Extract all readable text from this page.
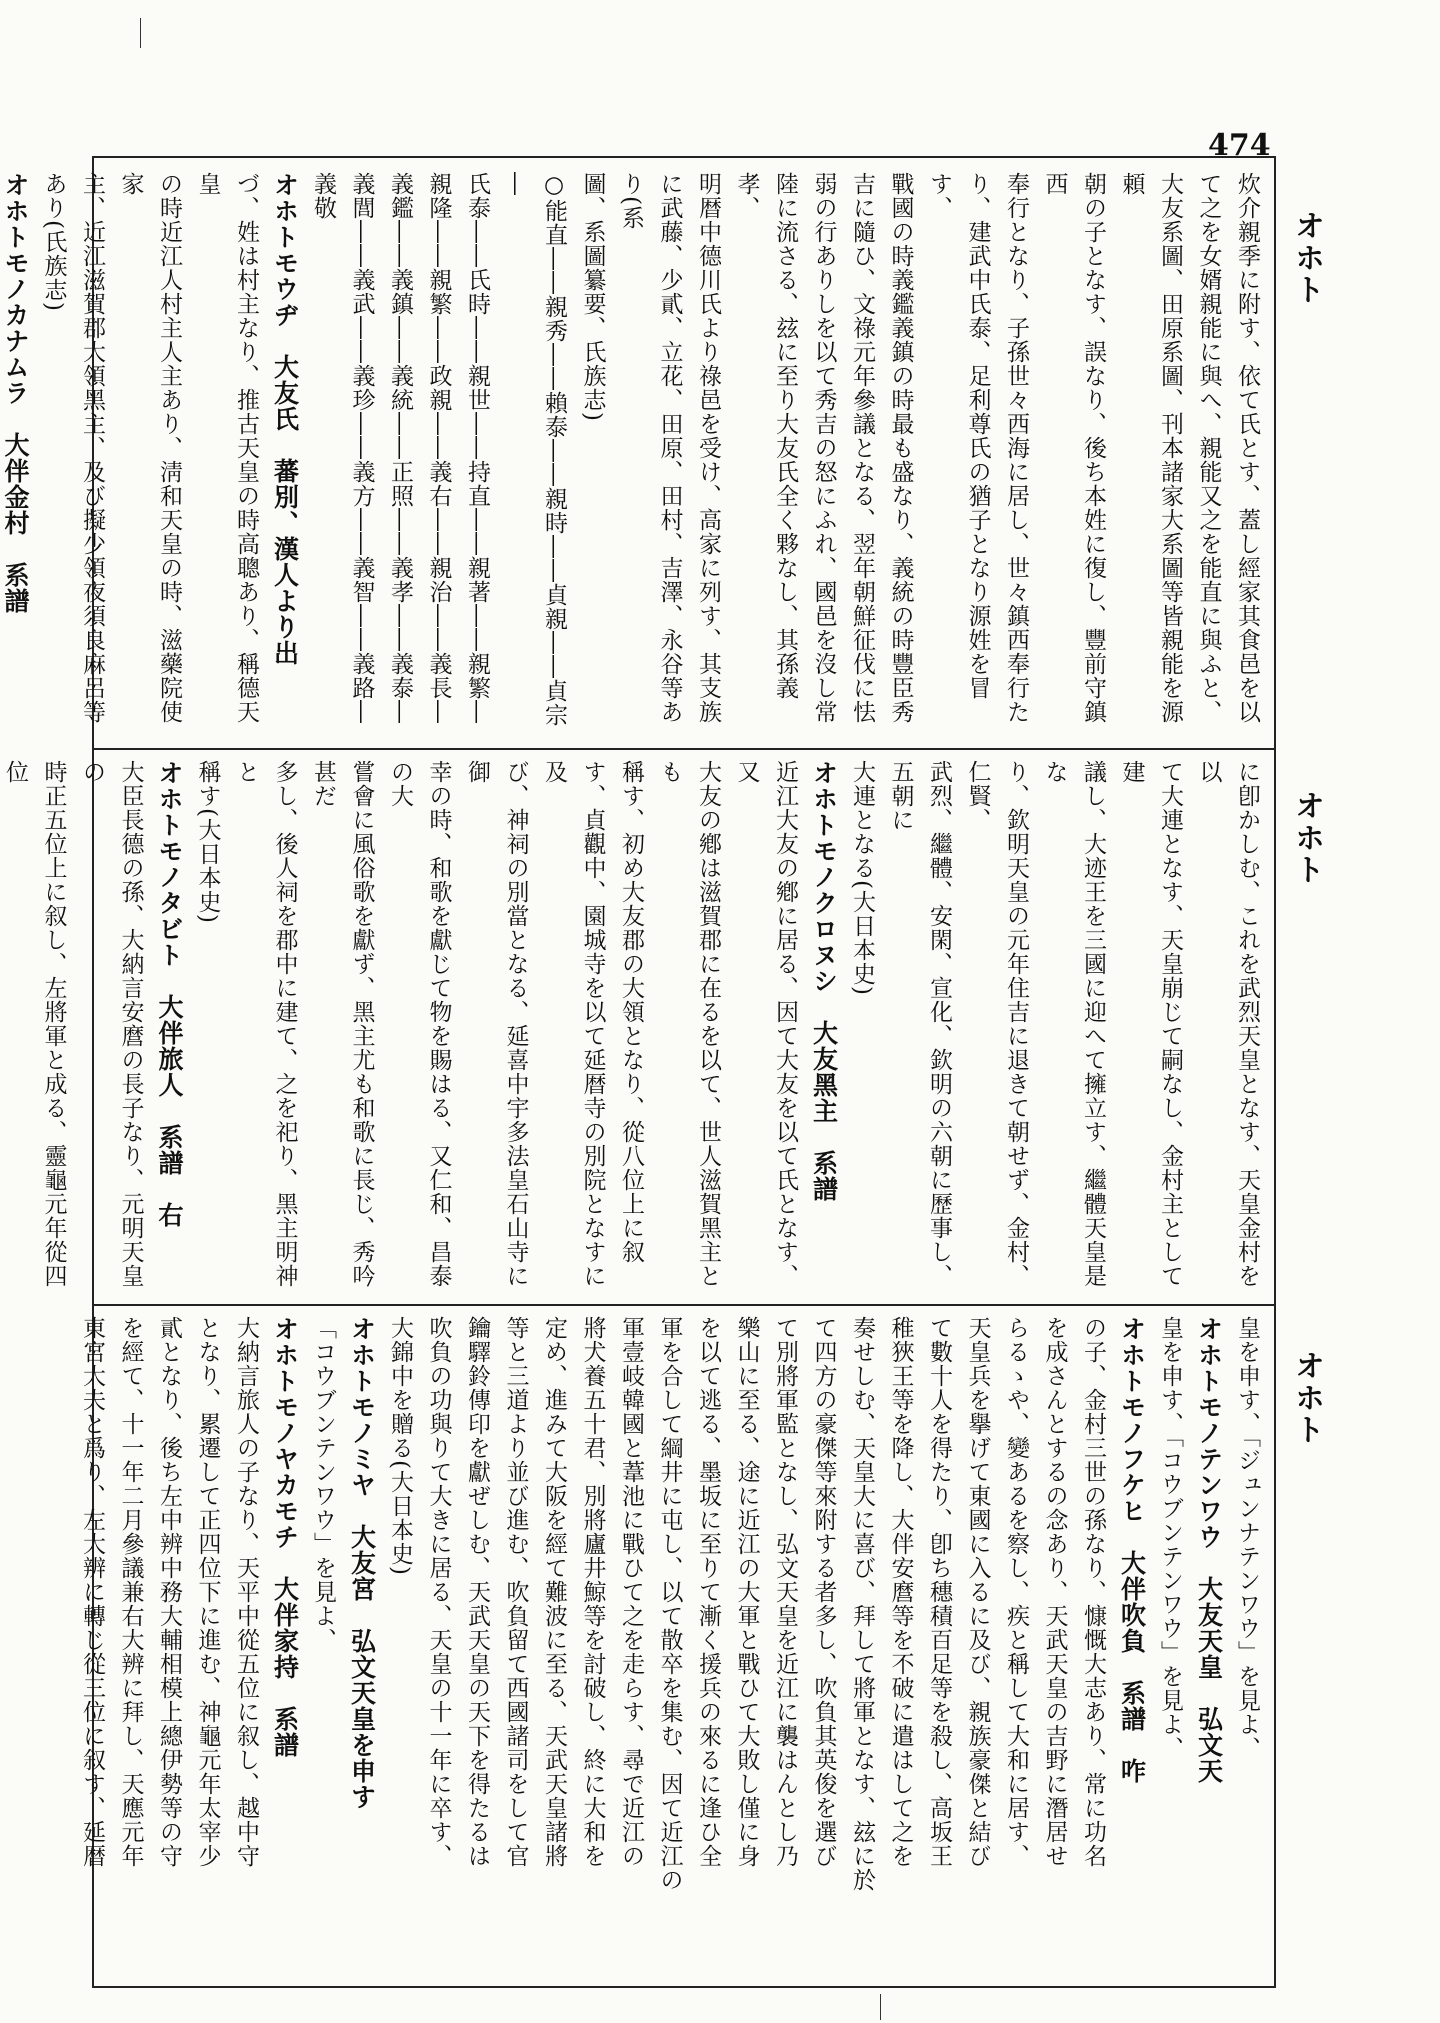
474
オホト
オホト
オホト

炊介親季に附す、依て氏とす、蓋し經家其食邑を以

て之を女婿親能に與へ、親能又之を能直に與ふと、

大友系圖、田原系圖、刊本諸家大系圖等皆親能を源頼

朝の子となす、誤なり、後ち本姓に復し、豐前守鎮西

奉行となり、子孫世々西海に居し、世々鎮西奉行た

り、建武中氏泰、足利尊氏の猶子となり源姓を冒す、

戰國の時義鑑義鎮の時最も盛なり、義統の時豐臣秀

吉に隨ひ、文祿元年參議となる、翌年朝鮮征伐に怯

弱の行ありしを以て秀吉の怒にふれ、國邑を沒し常

陸に流さる、玆に至り大友氏全く夥なし、其孫義孝、

明暦中德川氏より祿邑を受け、高家に列す、其支族

に武藤、少貳、立花、田原、田村、吉澤、永谷等あり(系

圖、系圖纂要、氏族志)

○能直――親秀――賴泰――親時――貞親――貞宗―

氏泰――氏時――親世――持直――親著――親繁―

親隆――親繁――政親――義右――親治――義長―

義鑑――義鎮――義統――正照――義孝――義泰―

義閭――義武――義珍――義方――義智――義路―

義敬

オホトモウヂ　大友氏　蕃別、漢人より出

づ、姓は村主なり、推古天皇の時高聰あり、稱德天皇

の時近江人村主人主あり、淸和天皇の時、滋藥院使家

主、近江滋賀郡大領黑主、及び擬少領夜須良麻呂等

あり(氏族志)

オホトモノカナムラ　大伴金村　系譜

に卽かしむ、これを武烈天皇となす、天皇金村を以

て大連となす、天皇崩じて嗣なし、金村主として建

議し、大迹王を三國に迎へて擁立す、繼體天皇是な

り、欽明天皇の元年住吉に退きて朝せず、金村、仁賢、

武烈、繼體、安閑、宣化、欽明の六朝に歷事し、五朝に

大連となる(大日本史)

オホトモノクロヌシ　大友黑主　系譜

近江大友の鄕に居る、因て大友を以て氏となす、又

大友の鄕は滋賀郡に在るを以て、世人滋賀黑主とも

稱す、初め大友郡の大領となり、從八位上に叙

す、貞觀中、園城寺を以て延暦寺の別院となすに及

び、神祠の別當となる、延喜中宇多法皇石山寺に御

幸の時、和歌を獻じて物を賜はる、又仁和、昌泰の大

嘗會に風俗歌を獻ず、黑主尤も和歌に長じ、秀吟甚だ

多し、後人祠を郡中に建て、之を祀り、黑主明神と

稱す(大日本史)

オホトモノタビト　大伴旅人　系譜　右

大臣長德の孫、大納言安麿の長子なり、元明天皇の

時正五位上に叙し、左將軍と成る、靈龜元年從四位

皇を申す、「ジュンナテンワウ」を見よ、

オホトモノテンワウ　大友天皇　弘文天

皇を申す、「コウブンテンワウ」を見よ、

オホトモノフケヒ　大伴吹負　系譜　咋

の子、金村三世の孫なり、慷慨大志あり、常に功名

を成さんとするの念あり、天武天皇の吉野に潛居せ

らるゝや、變あるを察し、疾と稱して大和に居す、

天皇兵を擧げて東國に入るに及び、親族豪傑と結び

て數十人を得たり、卽ち穗積百足等を殺し、高坂王

稚狹王等を降し、大伴安麿等を不破に遣はして之を

奏せしむ、天皇大に喜び、拜して將軍となす、玆に於

て四方の豪傑等來附する者多し、吹負其英俊を選び

て別將軍監となし、弘文天皇を近江に襲はんとし乃

樂山に至る、途に近江の大軍と戰ひて大敗し僅に身

を以て逃る、墨坂に至りて漸く援兵の來るに逢ひ全

軍を合して綱井に屯し、以て散卒を集む、因て近江の

軍壹岐韓國と葦池に戰ひて之を走らす、尋で近江の

將犬養五十君、別將廬井鯨等を討破し、終に大和を

定め、進みて大阪を經て難波に至る、天武天皇諸將

等と三道より並び進む、吹負留て西國諸司をして官

鑰驛鈴傳印を獻ぜしむ、天武天皇の天下を得たるは

吹負の功與りて大きに居る、天皇の十一年に卒す、

大錦中を贈る(大日本史)

オホトモノミヤ　大友宮　弘文天皇を申す

「コウブンテンワウ」を見よ、

オホトモノヤカモチ　大伴家持　系譜

大納言旅人の子なり、天平中從五位に叙し、越中守

となり、累遷して正四位下に進む、神龜元年太宰少

貳となり、後ち左中辨中務大輔相模上總伊勢等の守

を經て、十一年二月參議兼右大辨に拜し、天應元年

東宮大夫と爲り、左大辨に轉じ從三位に叙す、延暦
